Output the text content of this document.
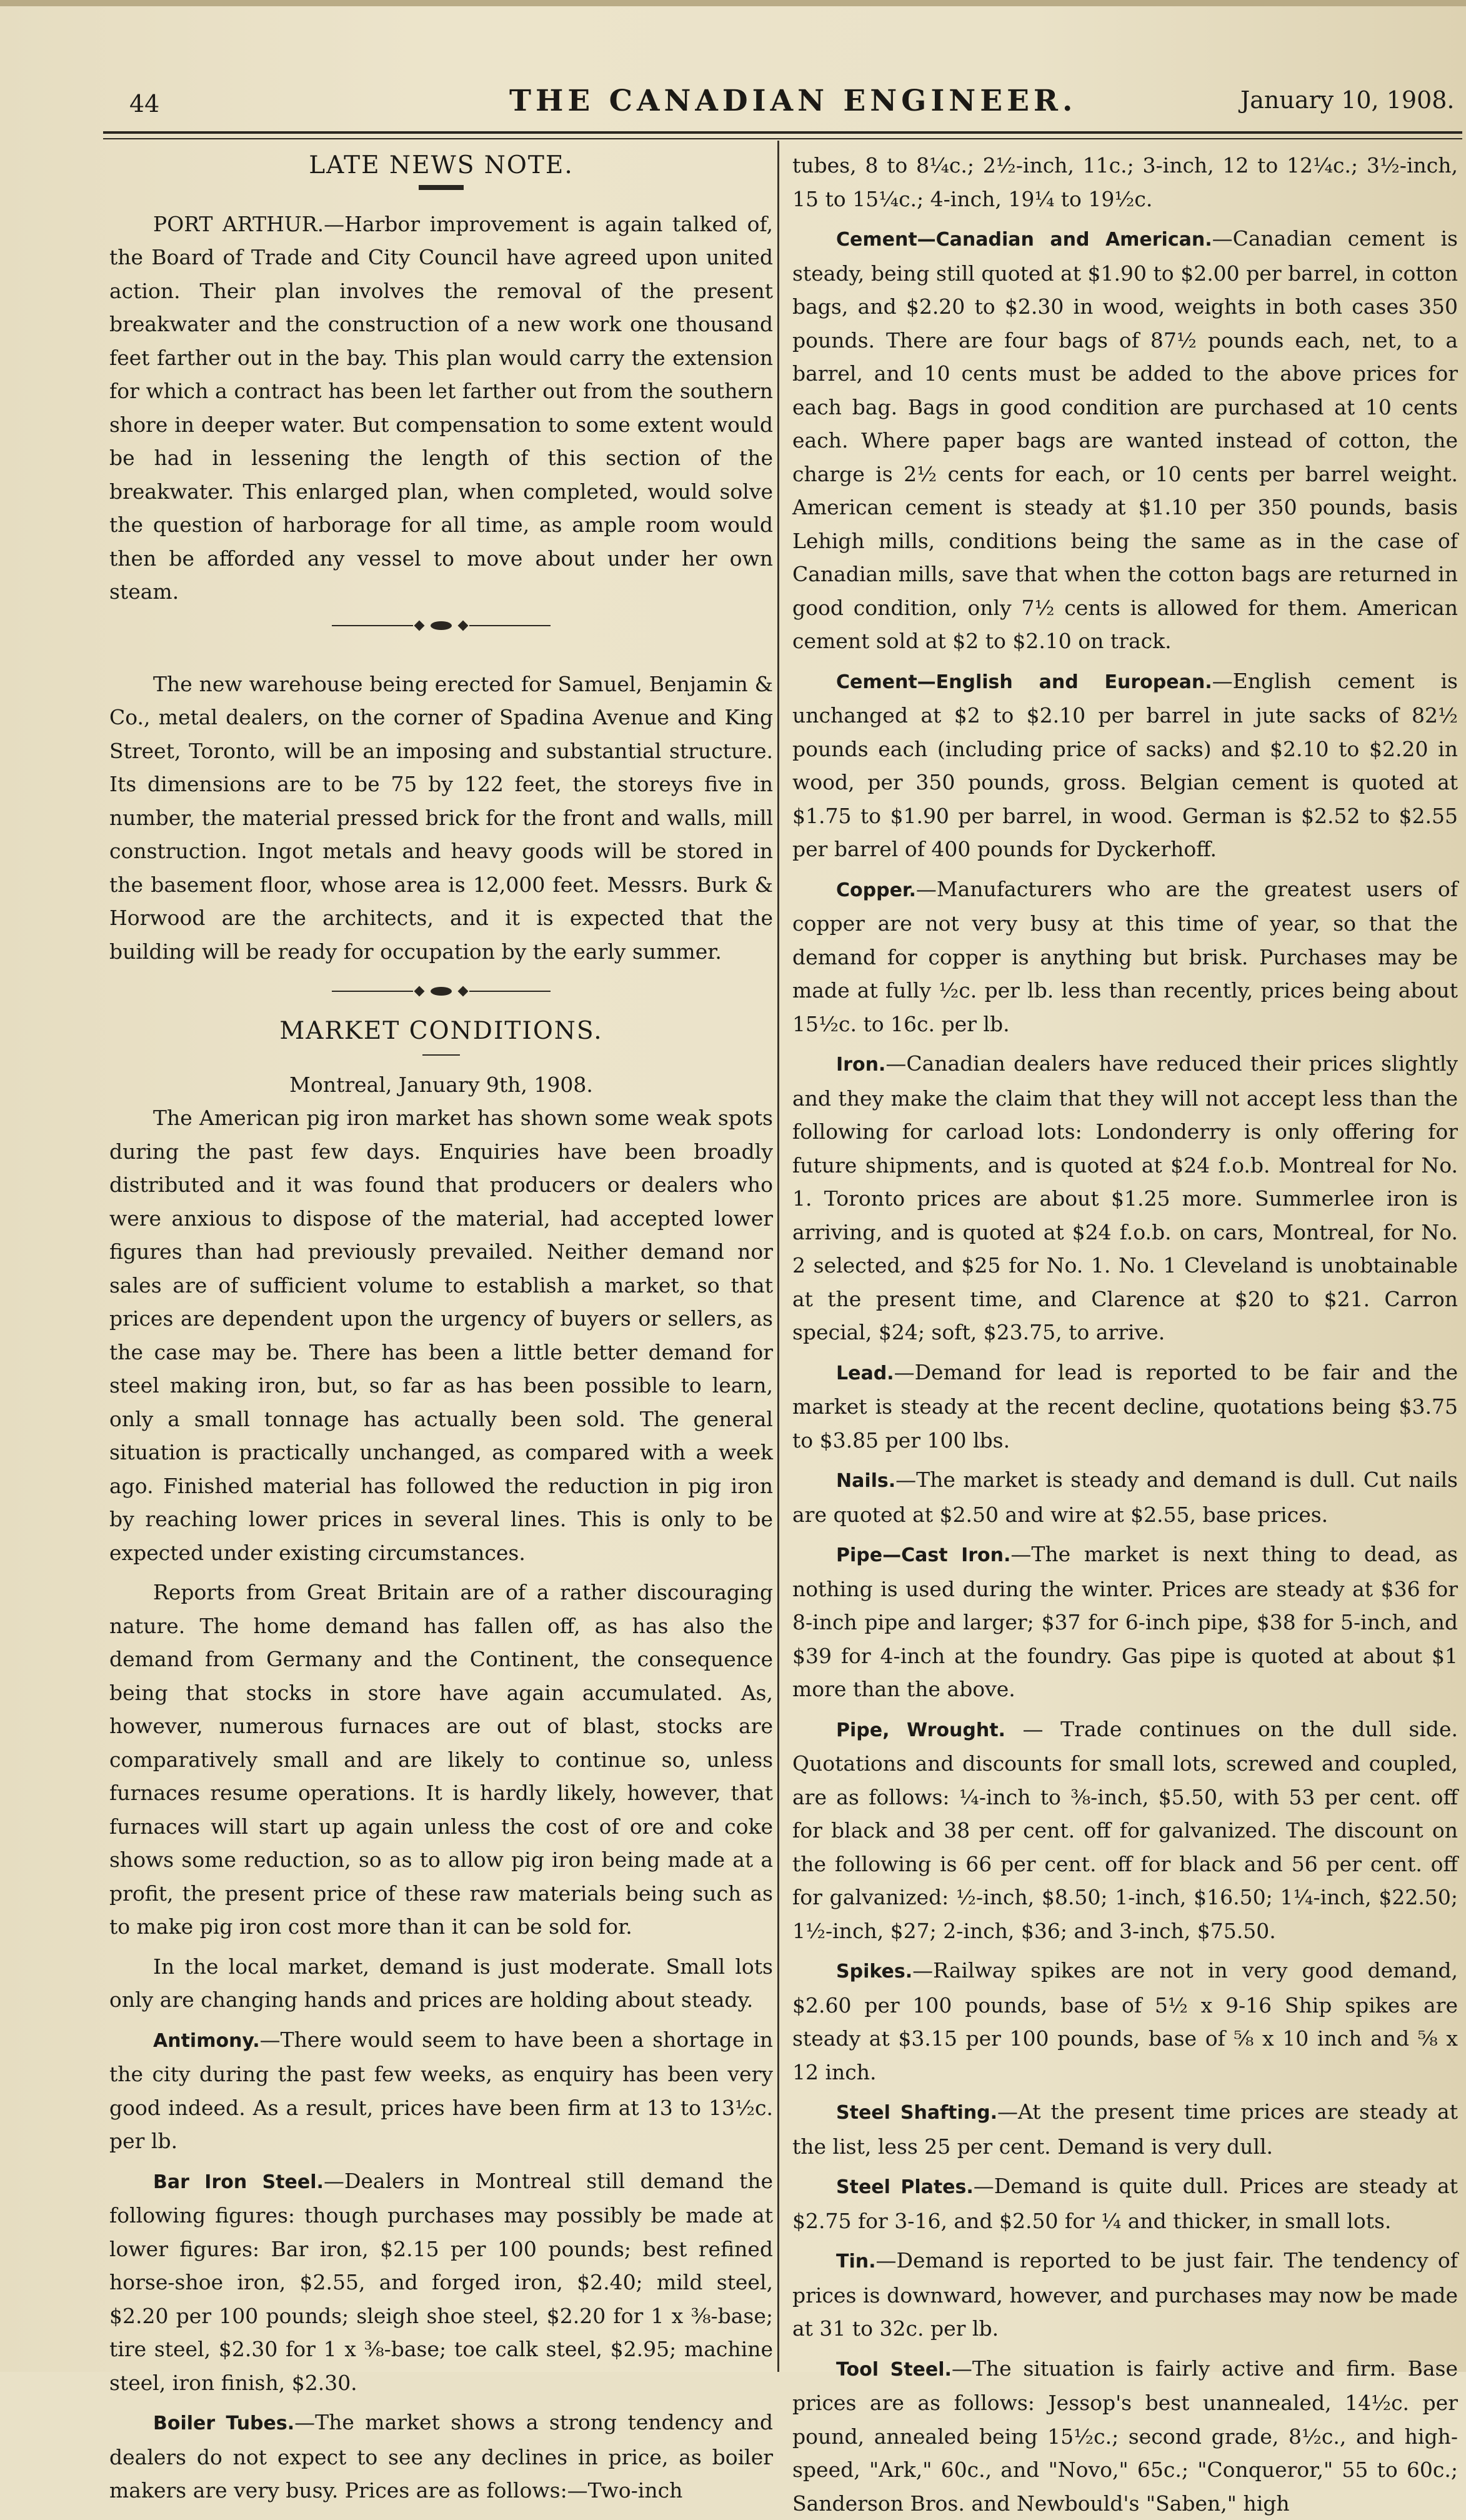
44	THE CANADIAN ENGINEER.	January 10, 1908.

LATE NEWS NOTE.

PORT ARTHUR.—Harbor improvement is again talked of, the Board of Trade and City Council have agreed upon united action. Their plan involves the removal of the present breakwater and the construction of a new work one thousand feet farther out in the bay. This plan would carry the extension for which a contract has been let farther out from the southern shore in deeper water. But compensation to some extent would be had in lessening the length of this section of the breakwater. This enlarged plan, when completed, would solve the question of harborage for all time, as ample room would then be afforded any vessel to move about under her own steam.

The new warehouse being erected for Samuel, Benjamin & Co., metal dealers, on the corner of Spadina Avenue and King Street, Toronto, will be an imposing and substantial structure. Its dimensions are to be 75 by 122 feet, the storeys five in number, the material pressed brick for the front and walls, mill construction. Ingot metals and heavy goods will be stored in the basement floor, whose area is 12,000 feet. Messrs. Burk & Horwood are the architects, and it is expected that the building will be ready for occupation by the early summer.

MARKET CONDITIONS.

Montreal, January 9th, 1908.

The American pig iron market has shown some weak spots during the past few days. Enquiries have been broadly distributed and it was found that producers or dealers who were anxious to dispose of the material, had accepted lower figures than had previously prevailed. Neither demand nor sales are of sufficient volume to establish a market, so that prices are dependent upon the urgency of buyers or sellers, as the case may be. There has been a little better demand for steel making iron, but, so far as has been possible to learn, only a small tonnage has actually been sold. The general situation is practically unchanged, as compared with a week ago. Finished material has followed the reduction in pig iron by reaching lower prices in several lines. This is only to be expected under existing circumstances.

Reports from Great Britain are of a rather discouraging nature. The home demand has fallen off, as has also the demand from Germany and the Continent, the consequence being that stocks in store have again accumulated. As, however, numerous furnaces are out of blast, stocks are comparatively small and are likely to continue so, unless furnaces resume operations. It is hardly likely, however, that furnaces will start up again unless the cost of ore and coke shows some reduction, so as to allow pig iron being made at a profit, the present price of these raw materials being such as to make pig iron cost more than it can be sold for.

In the local market, demand is just moderate. Small lots only are changing hands and prices are holding about steady.

Antimony.—There would seem to have been a shortage in the city during the past few weeks, as enquiry has been very good indeed. As a result, prices have been firm at 13 to 13½c. per lb.

Bar Iron Steel.—Dealers in Montreal still demand the following figures: though purchases may possibly be made at lower figures: Bar iron, $2.15 per 100 pounds; best refined horse-shoe iron, $2.55, and forged iron, $2.40; mild steel, $2.20 per 100 pounds; sleigh shoe steel, $2.20 for 1 x ⅜-base; tire steel, $2.30 for 1 x ⅜-base; toe calk steel, $2.95; machine steel, iron finish, $2.30.

Boiler Tubes.—The market shows a strong tendency and dealers do not expect to see any declines in price, as boiler makers are very busy. Prices are as follows:—Two-inch

tubes, 8 to 8¼c.; 2½-inch, 11c.; 3-inch, 12 to 12¼c.; 3½-inch, 15 to 15¼c.; 4-inch, 19¼ to 19½c.

Cement—Canadian and American.—Canadian cement is steady, being still quoted at $1.90 to $2.00 per barrel, in cotton bags, and $2.20 to $2.30 in wood, weights in both cases 350 pounds. There are four bags of 87½ pounds each, net, to a barrel, and 10 cents must be added to the above prices for each bag. Bags in good condition are purchased at 10 cents each. Where paper bags are wanted instead of cotton, the charge is 2½ cents for each, or 10 cents per barrel weight. American cement is steady at $1.10 per 350 pounds, basis Lehigh mills, conditions being the same as in the case of Canadian mills, save that when the cotton bags are returned in good condition, only 7½ cents is allowed for them. American cement sold at $2 to $2.10 on track.

Cement—English and European.—English cement is unchanged at $2 to $2.10 per barrel in jute sacks of 82½ pounds each (including price of sacks) and $2.10 to $2.20 in wood, per 350 pounds, gross. Belgian cement is quoted at $1.75 to $1.90 per barrel, in wood. German is $2.52 to $2.55 per barrel of 400 pounds for Dyckerhoff.

Copper.—Manufacturers who are the greatest users of copper are not very busy at this time of year, so that the demand for copper is anything but brisk. Purchases may be made at fully ½c. per lb. less than recently, prices being about 15½c. to 16c. per lb.

Iron.—Canadian dealers have reduced their prices slightly and they make the claim that they will not accept less than the following for carload lots: Londonderry is only offering for future shipments, and is quoted at $24 f.o.b. Montreal for No. 1. Toronto prices are about $1.25 more. Summerlee iron is arriving, and is quoted at $24 f.o.b. on cars, Montreal, for No. 2 selected, and $25 for No. 1. No. 1 Cleveland is unobtainable at the present time, and Clarence at $20 to $21. Carron special, $24; soft, $23.75, to arrive.

Lead.—Demand for lead is reported to be fair and the market is steady at the recent decline, quotations being $3.75 to $3.85 per 100 lbs.

Nails.—The market is steady and demand is dull. Cut nails are quoted at $2.50 and wire at $2.55, base prices.

Pipe—Cast Iron.—The market is next thing to dead, as nothing is used during the winter. Prices are steady at $36 for 8-inch pipe and larger; $37 for 6-inch pipe, $38 for 5-inch, and $39 for 4-inch at the foundry. Gas pipe is quoted at about $1 more than the above.

Pipe, Wrought. — Trade continues on the dull side. Quotations and discounts for small lots, screwed and coupled, are as follows: ¼-inch to ⅜-inch, $5.50, with 53 per cent. off for black and 38 per cent. off for galvanized. The discount on the following is 66 per cent. off for black and 56 per cent. off for galvanized: ½-inch, $8.50; 1-inch, $16.50; 1¼-inch, $22.50; 1½-inch, $27; 2-inch, $36; and 3-inch, $75.50.

Spikes.—Railway spikes are not in very good demand, $2.60 per 100 pounds, base of 5½ x 9-16 Ship spikes are steady at $3.15 per 100 pounds, base of ⅝ x 10 inch and ⅝ x 12 inch.

Steel Shafting.—At the present time prices are steady at the list, less 25 per cent. Demand is very dull.

Steel Plates.—Demand is quite dull. Prices are steady at $2.75 for 3-16, and $2.50 for ¼ and thicker, in small lots.

Tin.—Demand is reported to be just fair. The tendency of prices is downward, however, and purchases may now be made at 31 to 32c. per lb.

Tool Steel.—The situation is fairly active and firm. Base prices are as follows: Jessop's best unannealed, 14½c. per pound, annealed being 15½c.; second grade, 8½c., and high-speed, "Ark," 60c., and "Novo," 65c.; "Conqueror," 55 to 60c.; Sanderson Bros. and Newbould's "Saben," high
